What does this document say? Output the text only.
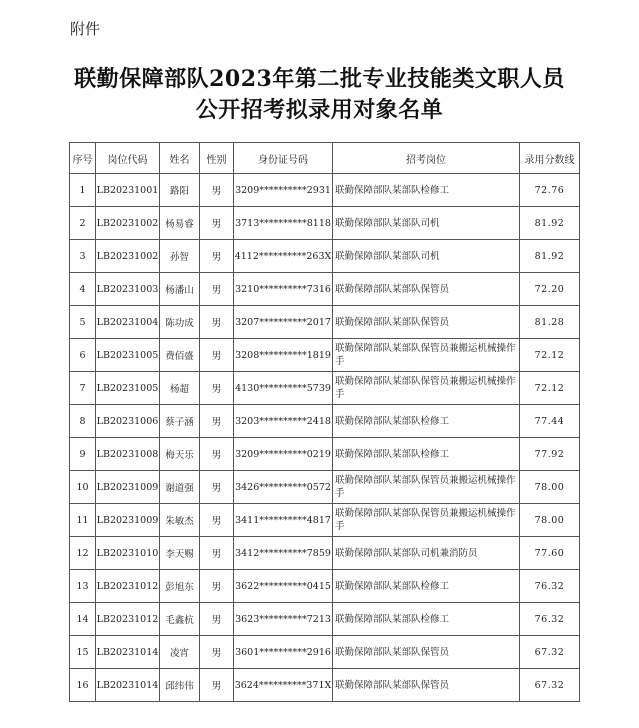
附件
联勤保障部队2023年第二批专业技能类文职人员
公开招考拟录用对象名单
序号	岗位代码	姓名	性别	身份证号码	招考岗位	录用分数线
1	LB20231001	路阳	男	3209**********2931	联勤保障部队某部队检修工	72.76
2	LB20231002	杨易睿	男	3713**********8118	联勤保障部队某部队司机	81.92
3	LB20231002	孙智	男	4112**********263X	联勤保障部队某部队司机	81.92
4	LB20231003	杨潘山	男	3210**********7316	联勤保障部队某部队保管员	72.20
5	LB20231004	陈功成	男	3207**********2017	联勤保障部队某部队保管员	81.28
6	LB20231005	费佰盛	男	3208**********1819	联勤保障部队某部队保管员兼搬运机械操作手	72.12
7	LB20231005	杨超	男	4130**********5739	联勤保障部队某部队保管员兼搬运机械操作手	72.12
8	LB20231006	蔡子涵	男	3203**********2418	联勤保障部队某部队检修工	77.44
9	LB20231008	梅天乐	男	3209**********0219	联勤保障部队某部队检修工	77.92
10	LB20231009	谢道强	男	3426**********0572	联勤保障部队某部队保管员兼搬运机械操作手	78.00
11	LB20231009	朱敏杰	男	3411**********4817	联勤保障部队某部队保管员兼搬运机械操作手	78.00
12	LB20231010	李天赐	男	3412**********7859	联勤保障部队某部队司机兼消防员	77.60
13	LB20231012	彭旭东	男	3622**********0415	联勤保障部队某部队检修工	76.32
14	LB20231012	毛鑫杭	男	3623**********7213	联勤保障部队某部队检修工	76.32
15	LB20231014	凌宵	男	3601**********2916	联勤保障部队某部队保管员	67.32
16	LB20231014	邱纬伟	男	3624**********371X	联勤保障部队某部队保管员	67.32
